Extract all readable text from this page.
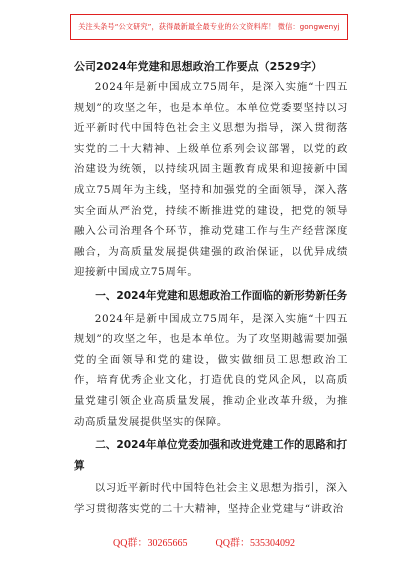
关注头条号“公文研究”，获得最新最全最专业的公文资料库！ 微信：gongwenyj
公司2024年党建和思想政治工作要点（2529字）

2024年是新中国成立75周年，是深入实施“十四五规划”的攻坚之年，也是本单位。本单位党委要坚持以习近平新时代中国特色社会主义思想为指导，深入贯彻落实党的二十大精神、上级单位系列会议部署，以党的政治建设为统领，以持续巩固主题教育成果和迎接新中国成立75周年为主线，坚持和加强党的全面领导，深入落实全面从严治党，持续不断推进党的建设，把党的领导融入公司治理各个环节，推动党建工作与生产经营深度融合，为高质量发展提供建强的政治保证，以优异成绩迎接新中国成立75周年。

一、2024年党建和思想政治工作面临的新形势新任务

2024年是新中国成立75周年，是深入实施“十四五规划”的攻坚之年，也是本单位。为了攻坚期越需要加强党的全面领导和党的建设，做实做细员工思想政治工作，培育优秀企业文化，打造优良的党风企风，以高质量党建引领企业高质量发展，推动企业改革升级，为推动高质量发展提供坚实的保障。

二、2024年单位党委加强和改进党建工作的思路和打算

以习近平新时代中国特色社会主义思想为指引，深入学习贯彻落实党的二十大精神，坚持企业党建与“讲政治

QQ群：30265665	QQ群：535304092
